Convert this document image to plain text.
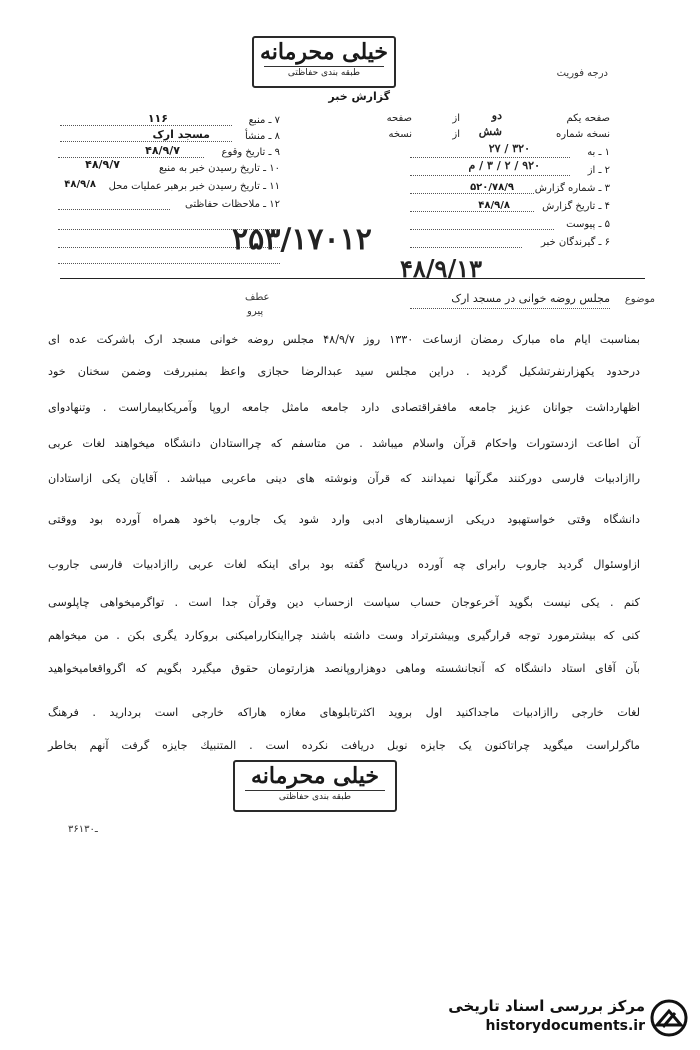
خیلی محرمانه
طبقه بندی حفاظتی	درجه فوریت
گزارش خبر
صفحه یکم
دو
از
صفحه
نسخه شماره
شش
از
نسخه
۱ ـ به
۳۲۰ / ۲۷
۲ ـ از
۹۲۰ / ۲ / ۳ / م
۳ ـ شماره گزارش
۵۲۰/۷۸/۹
۴ ـ تاریخ گزارش
۴۸/۹/۸
۵ ـ پیوست
۶ ـ گیرندگان خبر
۷ ـ منبع
۱۱۶
۸ ـ منشأ
مسجد ارک
۹ ـ تاریخ وقوع
۴۸/۹/۷
۱۰ ـ تاریخ رسیدن خبر به منبع
۴۸/۹/۷
۱۱ ـ تاریخ رسیدن خبر برهبر عملیات محل
۴۸/۹/۸
۱۲ ـ ملاحظات حفاظتی
۲۵۳/۱۷۰۱۲
۴۸/۹/۱۳
عطف
پیرو
موضوع
مجلس روضه خوانی در مسجد ارک
بمناسبت ایام ماه مبارک رمضان ازساعت ۱۳۳۰ روز ۴۸/۹/۷ مجلس روضه خوانی مسجد ارک باشرکت عده ای
درحدود یکهزارنفرتشکیل گردید . دراین مجلس سید عبدالرضا حجازی واعظ بمنبررفت وضمن سخنان خود
اظهارداشت جوانان عزیز جامعه مافقراقتصادی دارد جامعه مامثل جامعه اروپا وآمریکابیماراست . وتنهادوای
آن اطاعت ازدستورات واحکام قرآن واسلام میباشد . من متاسفم که چرااستادان دانشگاه میخواهند لغات عربی
راازادبیات فارسی دورکنند مگرآنها نمیدانند که قرآن ونوشته های دینی ماعربی میباشد . آقایان یکی ازاستادان
دانشگاه وقتی خواستهبود دریکی ازسمینارهای ادبی وارد شود یک جاروب باخود همراه آورده بود ووقتی
ازاوسئوال گردید جاروب رابرای چه آورده دریاسخ گفته بود برای اینکه لغات عربی راازادبیات فارسی جاروب
کنم . یکی نیست بگوید آخرعوجان حساب سیاست ازحساب دین وقرآن جدا است . تواگرمیخواهی چاپلوسی
کنی که بیشترمورد توجه قرارگیری وبیشترتراد وست داشته باشند چرااینکاررامیکنی بروکارد یگری بکن . من میخواهم
بآن آقای استاد دانشگاه که آنجانشسته وماهی دوهزاروپانصد هزارتومان حقوق میگیرد بگویم که اگرواقعامیخواهید
لغات خارجی راازادبیات ماجداکنید اول بروید اکثرتابلوهای مغازه هاراکه خارجی است برداريد . فرهنگ
ماگرلراست میگوید چراتاکنون یک جایزه نوبل دریافت نکرده است . المتنبیك جایزه گرفت آنهم بخاطر
خیلی محرمانه
طبقه بندی حفاظتی
۳۶ـ۱۳۰
مرکز بررسی اسناد تاریخی
historydocuments.ir
